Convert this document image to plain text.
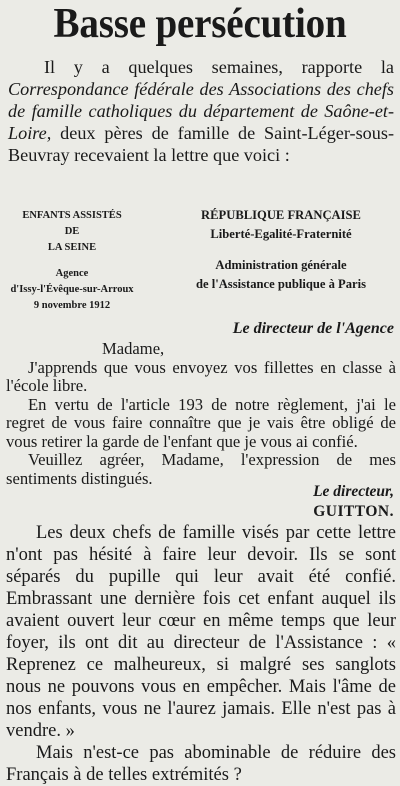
Basse persécution
Il y a quelques semaines, rapporte la Correspondance fédérale des Associations des chefs de famille catholiques du département de Saône-et-Loire, deux pères de famille de Saint-Léger-sous-Beuvray recevaient la lettre que voici :
ENFANTS ASSISTÉS
DE
LA SEINE
Agence
d'Issy-l'Évêque-sur-Arroux
9 novembre 1912
RÉPUBLIQUE FRANÇAISE
Liberté-Egalité-Fraternité
Administration générale
de l'Assistance publique à Paris
Le directeur de l'Agence

Madame,

J'apprends que vous envoyez vos fillettes en classe à l'école libre.

En vertu de l'article 193 de notre règlement, j'ai le regret de vous faire connaître que je vais être obligé de vous retirer la garde de l'enfant que je vous ai confié.

Veuillez agréer, Madame, l'expression de mes sentiments distingués.

Le directeur,
GUITTON.

Les deux chefs de famille visés par cette lettre n'ont pas hésité à faire leur devoir. Ils se sont séparés du pupille qui leur avait été confié. Embrassant une dernière fois cet enfant auquel ils avaient ouvert leur cœur en même temps que leur foyer, ils ont dit au directeur de l'Assistance : « Reprenez ce malheureux, si malgré ses sanglots nous ne pouvons vous en empêcher. Mais l'âme de nos enfants, vous ne l'aurez jamais. Elle n'est pas à vendre. »

Mais n'est-ce pas abominable de réduire des Français à de telles extrémités ?
